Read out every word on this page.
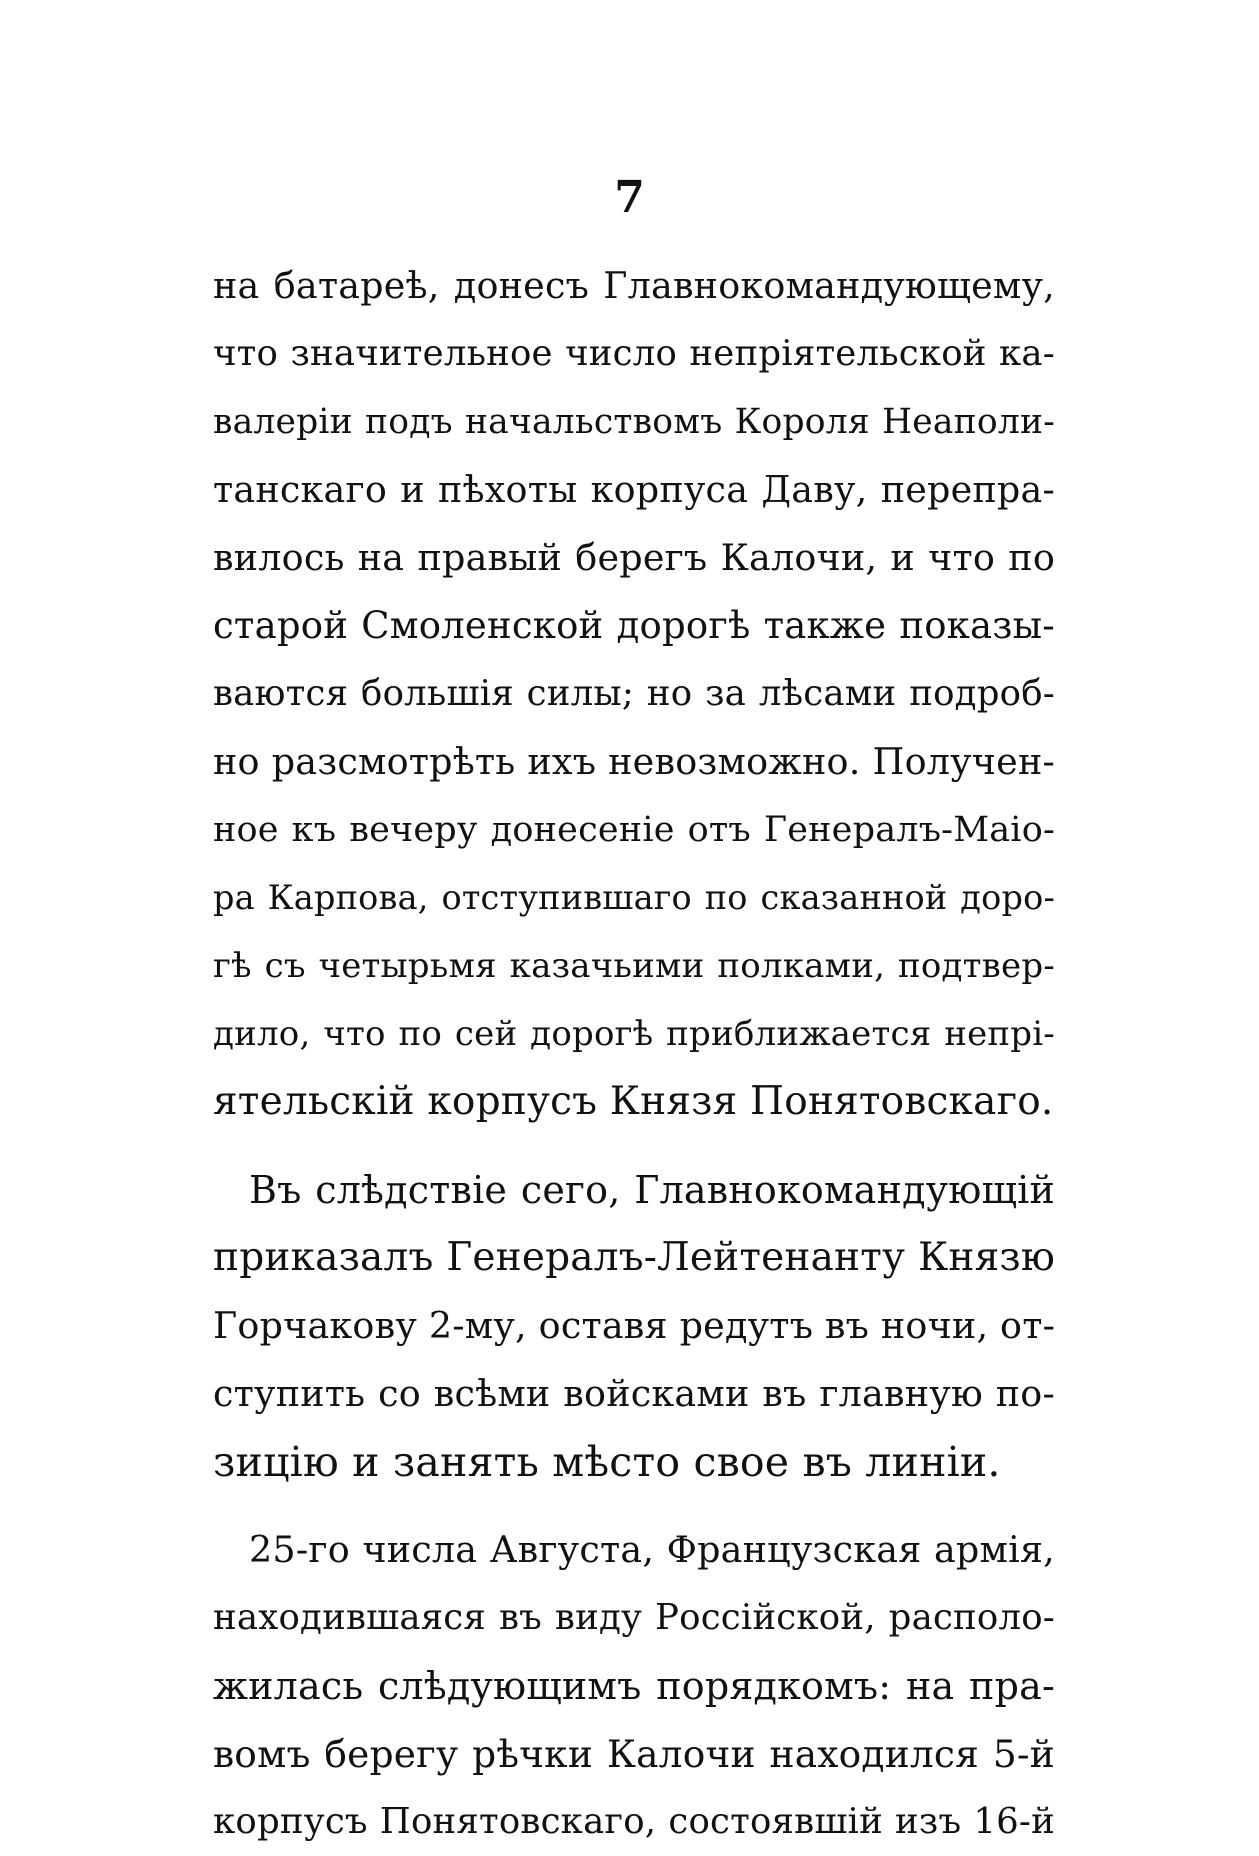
7
на батареѣ, донесъ Главнокомандующему,
что значительное число непріятельской ка-
валеріи подъ начальствомъ Короля Неаполи-
танскаго и пѣхоты корпуса Даву, перепра-
вилось на правый берегъ Калочи, и что по
старой Смоленской дорогѣ также показы-
ваются большія силы; но за лѣсами подроб-
но разсмотрѣть ихъ невозможно. Получен-
ное къ вечеру донесеніе отъ Генералъ-Маіо-
ра Карпова, отступившаго по сказанной доро-
гѣ съ четырьмя казачьими полками, подтвер-
дило, что по сей дорогѣ приближается непрі-
ятельскій корпусъ Князя Понятовскаго.
Въ слѣдствіе сего, Главнокомандующій
приказалъ Генералъ-Лейтенанту Князю
Горчакову 2-му, оставя редутъ въ ночи, от-
ступить со всѣми войсками въ главную по-
зицію и занять мѣсто свое въ линіи.
25-го числа Августа, Французская армія,
находившаяся въ виду Россійской, располо-
жилась слѣдующимъ порядкомъ: на пра-
вомъ берегу рѣчки Калочи находился 5-й
корпусъ Понятовскаго, состоявшій изъ 16-й
